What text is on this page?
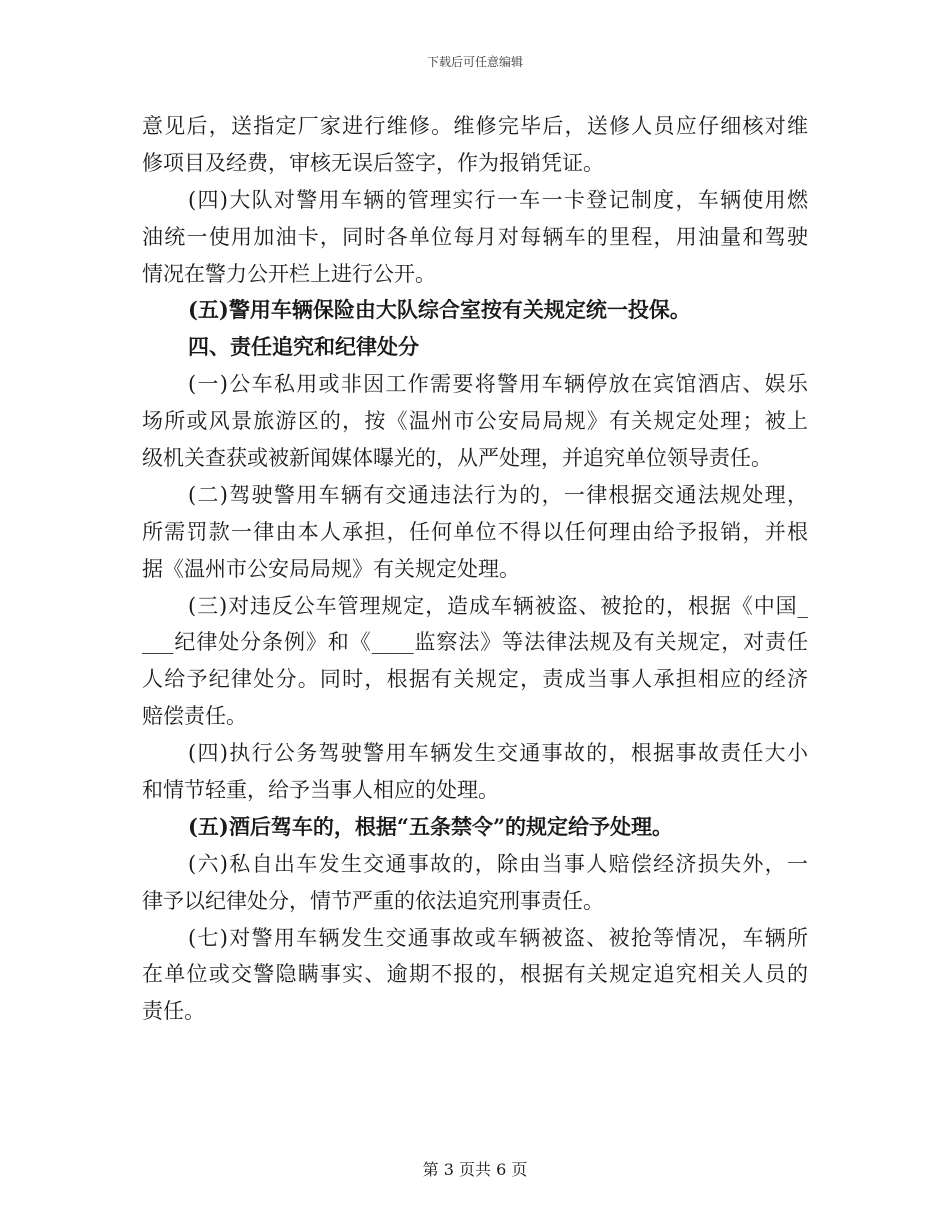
下载后可任意编辑
意见后，送指定厂家进行维修。维修完毕后，送修人员应仔细核对维
修项目及经费，审核无误后签字，作为报销凭证。
(四)大队对警用车辆的管理实行一车一卡登记制度，车辆使用燃
油统一使用加油卡，同时各单位每月对每辆车的里程，用油量和驾驶
情况在警力公开栏上进行公开。
(五)警用车辆保险由大队综合室按有关规定统一投保。
四、责任追究和纪律处分
(一)公车私用或非因工作需要将警用车辆停放在宾馆酒店、娱乐
场所或风景旅游区的，按《温州市公安局局规》有关规定处理；被上
级机关查获或被新闻媒体曝光的，从严处理，并追究单位领导责任。
(二)驾驶警用车辆有交通违法行为的，一律根据交通法规处理，
所需罚款一律由本人承担，任何单位不得以任何理由给予报销，并根
据《温州市公安局局规》有关规定处理。
(三)对违反公车管理规定，造成车辆被盗、被抢的，根据《中国_
___纪律处分条例》和《____监察法》等法律法规及有关规定，对责任
人给予纪律处分。同时，根据有关规定，责成当事人承担相应的经济
赔偿责任。
(四)执行公务驾驶警用车辆发生交通事故的，根据事故责任大小
和情节轻重，给予当事人相应的处理。
(五)酒后驾车的，根据“五条禁令”的规定给予处理。
(六)私自出车发生交通事故的，除由当事人赔偿经济损失外，一
律予以纪律处分，情节严重的依法追究刑事责任。
(七)对警用车辆发生交通事故或车辆被盗、被抢等情况，车辆所
在单位或交警隐瞒事实、逾期不报的，根据有关规定追究相关人员的
责任。
第 3 页共 6 页
